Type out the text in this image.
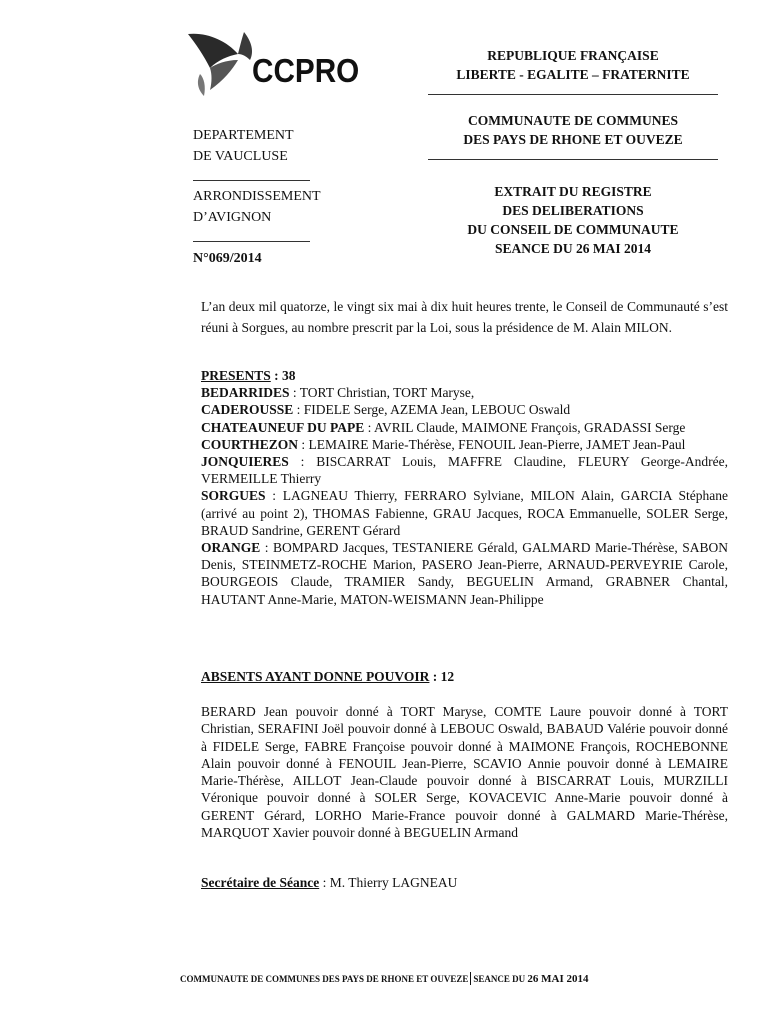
CCPRO	REPUBLIQUE FRANÇAISE
LIBERTE - EGALITE – FRATERNITE
COMMUNAUTE DE COMMUNES
DES PAYS DE RHONE ET OUVEZE
EXTRAIT DU REGISTRE
DES DELIBERATIONS
DU CONSEIL DE COMMUNAUTE
SEANCE DU 26 MAI 2014
DEPARTEMENT
DE VAUCLUSE
ARRONDISSEMENT
D’AVIGNON
N°069/2014

L’an deux mil quatorze, le vingt six mai à dix huit heures trente, le Conseil de Communauté s’est réuni à Sorgues, au nombre prescrit par la Loi, sous la présidence de M. Alain MILON.

PRESENTS : 38
BEDARRIDES : TORT Christian, TORT Maryse,
CADEROUSSE : FIDELE Serge, AZEMA Jean, LEBOUC Oswald
CHATEAUNEUF DU PAPE : AVRIL Claude, MAIMONE François, GRADASSI Serge
COURTHEZON : LEMAIRE Marie-Thérèse, FENOUIL Jean-Pierre, JAMET Jean-Paul
JONQUIERES : BISCARRAT Louis, MAFFRE Claudine, FLEURY George-Andrée, VERMEILLE Thierry
SORGUES : LAGNEAU Thierry, FERRARO Sylviane, MILON Alain, GARCIA Stéphane (arrivé au point 2), THOMAS Fabienne, GRAU Jacques, ROCA Emmanuelle, SOLER Serge, BRAUD Sandrine, GERENT Gérard
ORANGE : BOMPARD Jacques, TESTANIERE Gérald, GALMARD Marie-Thérèse, SABON Denis, STEINMETZ-ROCHE Marion, PASERO Jean-Pierre, ARNAUD-PERVEYRIE Carole, BOURGEOIS Claude, TRAMIER Sandy, BEGUELIN Armand, GRABNER Chantal, HAUTANT Anne-Marie, MATON-WEISMANN Jean-Philippe
ABSENTS AYANT DONNE POUVOIR : 12

BERARD Jean pouvoir donné à TORT Maryse, COMTE Laure pouvoir donné à TORT Christian, SERAFINI Joël pouvoir donné à LEBOUC Oswald, BABAUD Valérie pouvoir donné à FIDELE Serge, FABRE Françoise pouvoir donné à MAIMONE François, ROCHEBONNE Alain pouvoir donné à FENOUIL Jean-Pierre, SCAVIO Annie pouvoir donné à LEMAIRE Marie-Thérèse, AILLOT Jean-Claude pouvoir donné à BISCARRAT Louis, MURZILLI Véronique pouvoir donné à SOLER Serge, KOVACEVIC Anne-Marie pouvoir donné à GERENT Gérard, LORHO Marie-France pouvoir donné à GALMARD Marie-Thérèse, MARQUOT Xavier pouvoir donné à BEGUELIN Armand

Secrétaire de Séance : M. Thierry LAGNEAU
COMMUNAUTE DE COMMUNES DES PAYS DE RHONE ET OUVEZE SEANCE DU 26 MAI 2014
